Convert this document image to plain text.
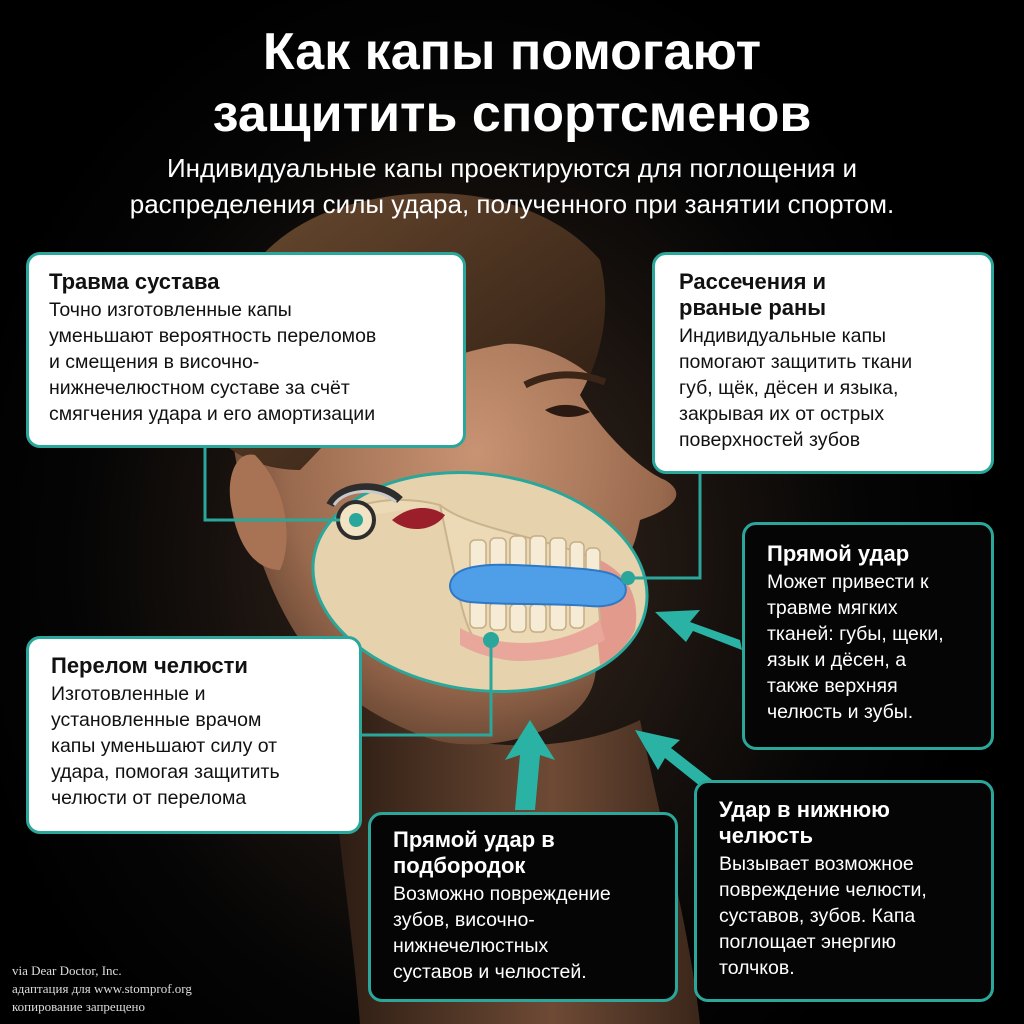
Как капы помогают
защитить спортсменов
Индивидуальные капы проектируются для поглощения и
распределения силы удара, полученного при занятии спортом.
Травма сустава
Точно изготовленные капы
уменьшают вероятность переломов
и смещения в височно-
нижнечелюстном суставе за счёт
смягчения удара и его амортизации
Рассечения и
рваные раны
Индивидуальные капы
помогают защитить ткани
губ, щёк, дёсен и языка,
закрывая их от острых
поверхностей зубов
Прямой удар
Может привести к
травме мягких
тканей: губы, щеки,
язык и дёсен, а
также верхняя
челюсть и зубы.
Перелом челюсти
Изготовленные и
установленные врачом
капы уменьшают силу от
удара, помогая защитить
челюсти от перелома
Прямой удар в
подбородок
Возможно повреждение
зубов, височно-
нижнечелюстных
суставов и челюстей.
Удар в нижнюю
челюсть
Вызывает возможное
повреждение челюсти,
суставов, зубов. Капа
поглощает энергию
толчков.
via Dear Doctor, Inc.
адаптация для www.stomprof.org
копирование запрещено
